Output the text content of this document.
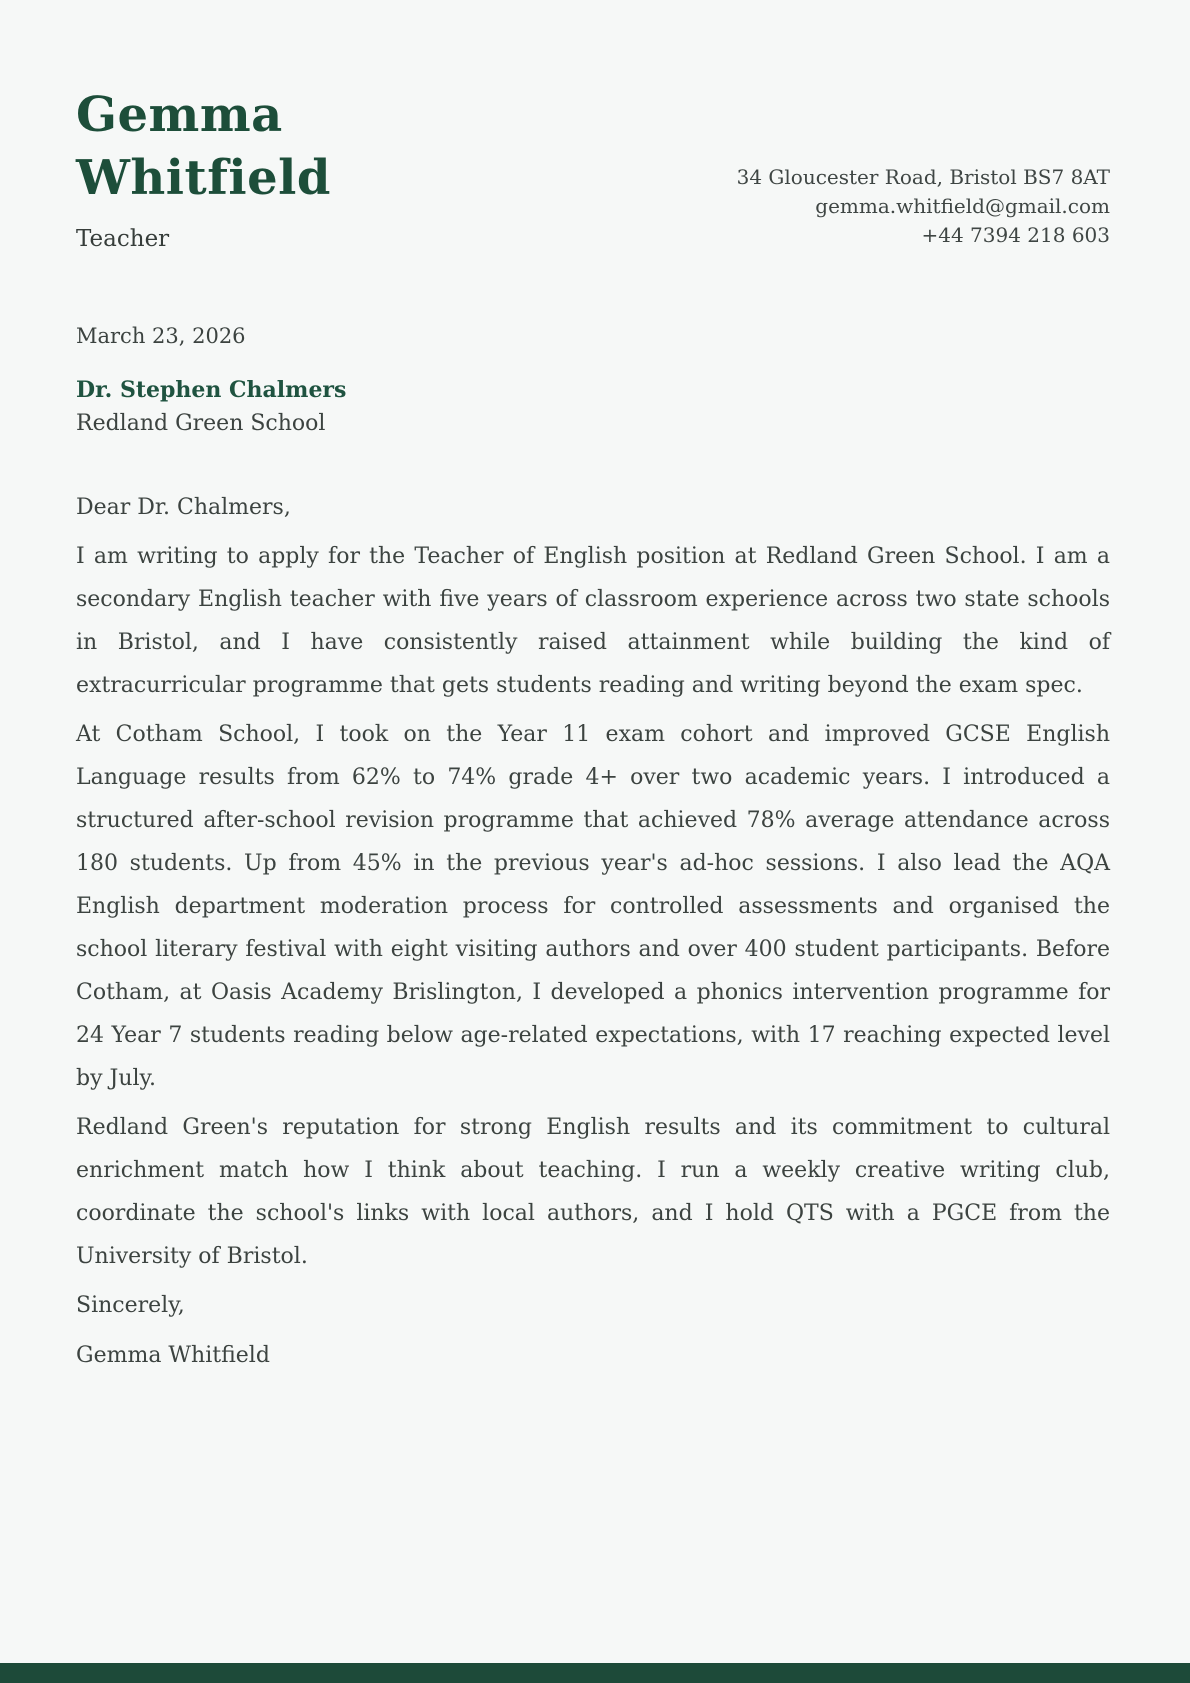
Gemma Whitfield
Teacher
34 Gloucester Road, Bristol BS7 8AT
gemma.whitfield@gmail.com
+44 7394 218 603
March 23, 2026
Dr. Stephen Chalmers
Redland Green School

Dear Dr. Chalmers,

I am writing to apply for the Teacher of English position at Redland Green School. I am a secondary English teacher with five years of classroom experience across two state schools in Bristol, and I have consistently raised attainment while building the kind of extracurricular programme that gets students reading and writing beyond the exam spec.

At Cotham School, I took on the Year 11 exam cohort and improved GCSE English Language results from 62% to 74% grade 4+ over two academic years. I introduced a structured after-school revision programme that achieved 78% average attendance across 180 students. Up from 45% in the previous year's ad-hoc sessions. I also lead the AQA English department moderation process for controlled assessments and organised the school literary festival with eight visiting authors and over 400 student participants. Before Cotham, at Oasis Academy Brislington, I developed a phonics intervention programme for 24 Year 7 students reading below age-related expectations, with 17 reaching expected level by July.

Redland Green's reputation for strong English results and its commitment to cultural enrichment match how I think about teaching. I run a weekly creative writing club, coordinate the school's links with local authors, and I hold QTS with a PGCE from the University of Bristol.

Sincerely,

Gemma Whitfield
